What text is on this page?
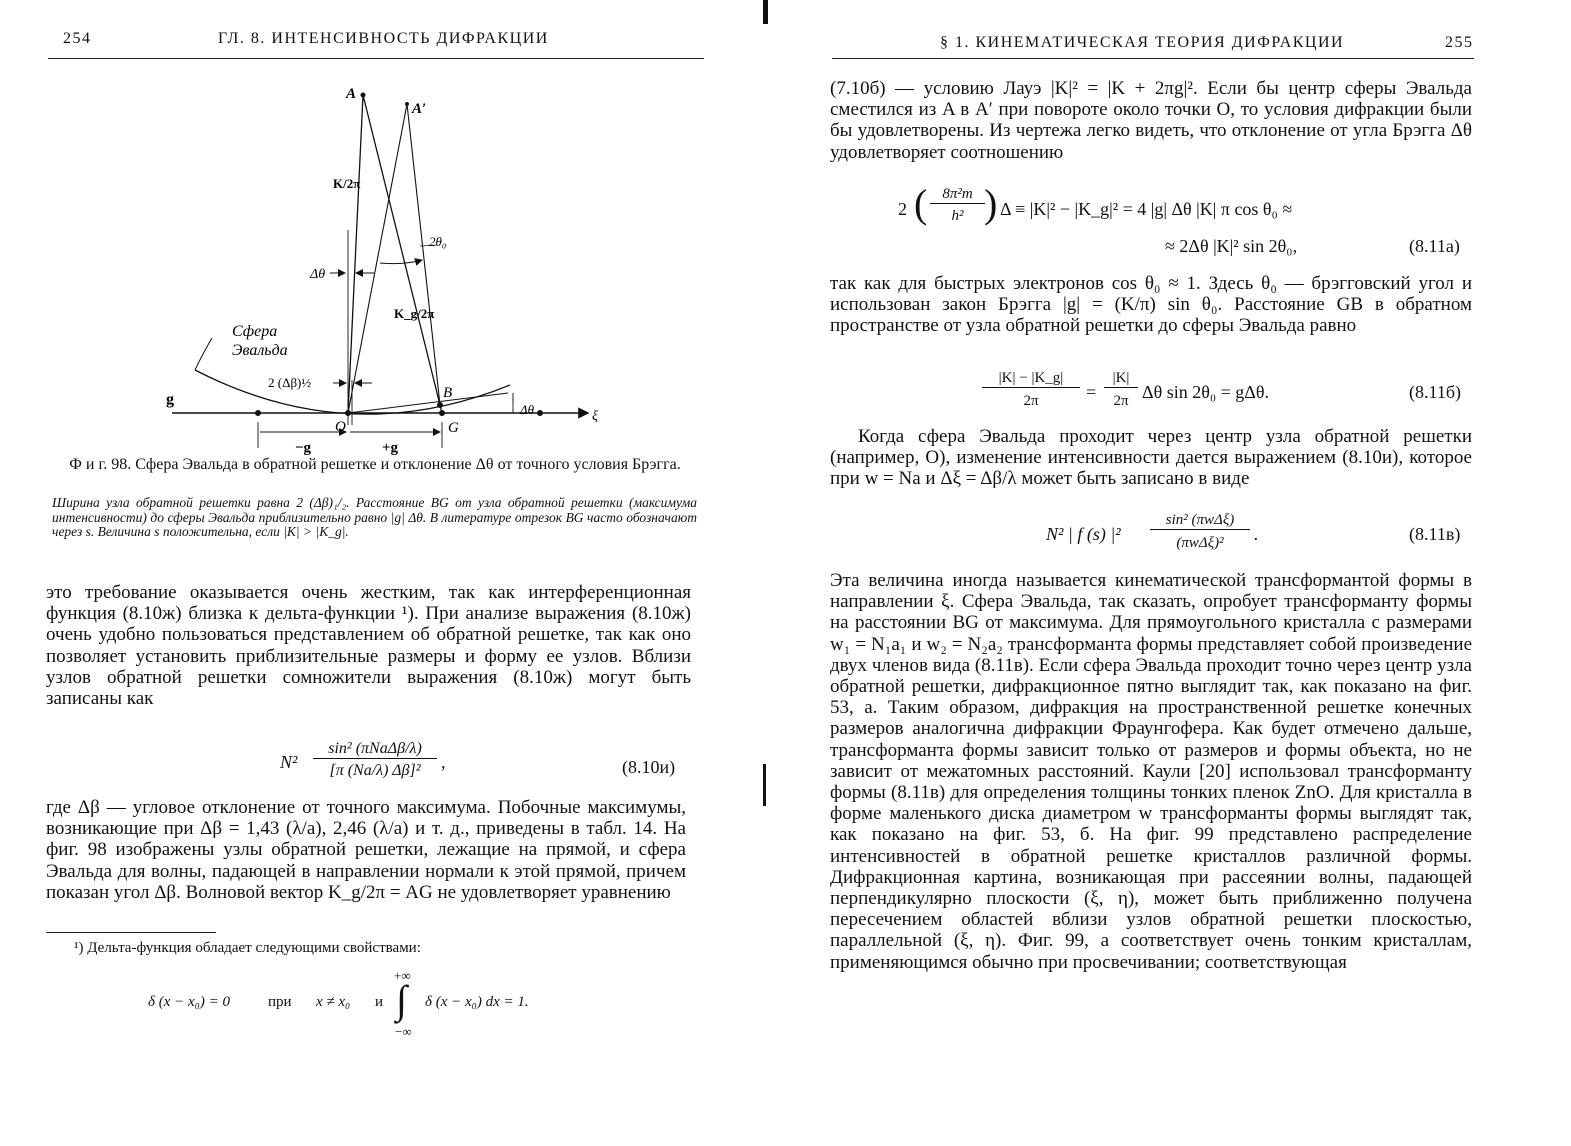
254	ГЛ. 8. ИНТЕНСИВНОСТЬ ДИФРАКЦИИ
A
A′
K/2π
2θ₀
Δθ
K_g/2π
Сфера
Эвальда
2 (Δβ)½
B
g
O	G
−g	+g
Δθ	ξ
Ф и г. 98. Сфера Эвальда в обратной решетке и отклонение Δθ от точного условия Брэгга.
Ширина узла обратной решетки равна 2 (Δβ)₁/₂. Расстояние BG от узла обратной решетки (максимума интенсивности) до сферы Эвальда приблизительно равно |g| Δθ. В литературе отрезок BG часто обозначают через s. Величина s положительна, если |K| > |K_g|.
это требование оказывается очень жестким, так как интерференционная функция (8.10ж) близка к дельта-функции ¹). При анализе выражения (8.10ж) очень удобно пользоваться представлением об обратной решетке, так как оно позволяет установить приблизительные размеры и форму ее узлов. Вблизи узлов обратной решетки сомножители выражения (8.10ж) могут быть записаны как
N²
sin² (πNaΔβ/λ)
[π (Na/λ) Δβ]²	,	(8.10и)
где Δβ — угловое отклонение от точного максимума. Побочные максимумы, возникающие при Δβ = 1,43 (λ/a), 2,46 (λ/a) и т. д., приведены в табл. 14. На фиг. 98 изображены узлы обратной решетки, лежащие на прямой, и сфера Эвальда для волны, падающей в направлении нормали к этой прямой, причем показан угол Δβ. Волновой вектор K_g/2π = AG не удовлетворяет уравнению
¹) Дельта-функция обладает следующими свойствами:
δ (x − x₀) = 0	при x ≠ x₀ и
+∞
∫
−∞
δ (x − x₀) dx = 1.
§ 1. КИНЕМАТИЧЕСКАЯ ТЕОРИЯ ДИФРАКЦИИ	255
(7.10б) — условию Лауэ |K|² = |K + 2πg|². Если бы центр сферы Эвальда сместился из A в A′ при повороте около точки O, то условия дифракции были бы удовлетворены. Из чертежа легко видеть, что отклонение от угла Брэгга Δθ удовлетворяет соотношению
2 ( 8π²m
h² ) Δ ≡ |K|² − |K_g|² = 4 |g| Δθ |K| π cos θ₀ ≈
≈ 2Δθ |K|² sin 2θ₀,	(8.11а)
так как для быстрых электронов cos θ₀ ≈ 1. Здесь θ₀ — брэгговский угол и использован закон Брэгга |g| = (K/π) sin θ₀. Расстояние GB в обратном пространстве от узла обратной решетки до сферы Эвальда равно
|K| − |K_g|
2π	=
|K|
2π Δθ sin 2θ₀ = gΔθ.	(8.11б)
Когда сфера Эвальда проходит через центр узла обратной решетки (например, O), изменение интенсивности дается выражением (8.10и), которое при w = Na и Δξ = Δβ/λ может быть записано в виде
N² | f (s) |²
sin² (πwΔξ)
(πwΔξ)²	.	(8.11в)
Эта величина иногда называется кинематической трансформантой формы в направлении ξ. Сфера Эвальда, так сказать, опробует трансформанту формы на расстоянии BG от максимума. Для прямоугольного кристалла с размерами w₁ = N₁a₁ и w₂ = N₂a₂ трансформанта формы представляет собой произведение двух членов вида (8.11в). Если сфера Эвальда проходит точно через центр узла обратной решетки, дифракционное пятно выглядит так, как показано на фиг. 53, а. Таким образом, дифракция на пространственной решетке конечных размеров аналогична дифракции Фраунгофера. Как будет отмечено дальше, трансформанта формы зависит только от размеров и формы объекта, но не зависит от межатомных расстояний. Каули [20] использовал трансформанту формы (8.11в) для определения толщины тонких пленок ZnO. Для кристалла в форме маленького диска диаметром w трансформанты формы выглядят так, как показано на фиг. 53, б. На фиг. 99 представлено распределение интенсивностей в обратной решетке кристаллов различной формы. Дифракционная картина, возникающая при рассеянии волны, падающей перпендикулярно плоскости (ξ, η), может быть приближенно получена пересечением областей вблизи узлов обратной решетки плоскостью, параллельной (ξ, η). Фиг. 99, а соответствует очень тонким кристаллам, применяющимся обычно при просвечивании; соответствующая
